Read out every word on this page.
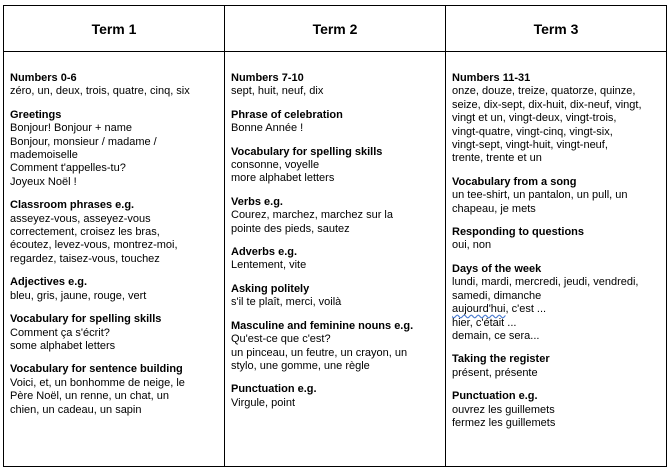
Term 1	Term 2	Term 3
Numbers 0-6
zéro, un, deux, trois, quatre, cinq, six
Greetings
Bonjour! Bonjour + name
Bonjour, monsieur / madame /
mademoiselle
Comment t'appelles-tu?
Joyeux Noël !
Classroom phrases e.g.
asseyez-vous, asseyez-vous
correctement, croisez les bras,
écoutez, levez-vous, montrez-moi,
regardez, taisez-vous, touchez
Adjectives e.g.
bleu, gris, jaune, rouge, vert
Vocabulary for spelling skills
Comment ça s'écrit?
some alphabet letters
Vocabulary for sentence building
Voici, et, un bonhomme de neige, le
Père Noël, un renne, un chat, un
chien, un cadeau, un sapin
Numbers 7-10
sept, huit, neuf, dix
Phrase of celebration
Bonne Année !
Vocabulary for spelling skills
consonne, voyelle
more alphabet letters
Verbs e.g.
Courez, marchez, marchez sur la
pointe des pieds, sautez
Adverbs e.g.
Lentement, vite
Asking politely
s'il te plaît, merci, voilà
Masculine and feminine nouns e.g.
Qu'est-ce que c'est?
un pinceau, un feutre, un crayon, un
stylo, une gomme, une règle
Punctuation e.g.
Virgule, point
Numbers 11-31
onze, douze, treize, quatorze, quinze,
seize, dix-sept, dix-huit, dix-neuf, vingt,
vingt et un, vingt-deux, vingt-trois,
vingt-quatre, vingt-cinq, vingt-six,
vingt-sept, vingt-huit, vingt-neuf,
trente, trente et un
Vocabulary from a song
un tee-shirt, un pantalon, un pull, un
chapeau, je mets
Responding to questions
oui, non
Days of the week
lundi, mardi, mercredi, jeudi, vendredi,
samedi, dimanche
aujourd'hui, c'est ...
hier, c'était ...
demain, ce sera...
Taking the register
présent, présente
Punctuation e.g.
ouvrez les guillemets
fermez les guillemets
